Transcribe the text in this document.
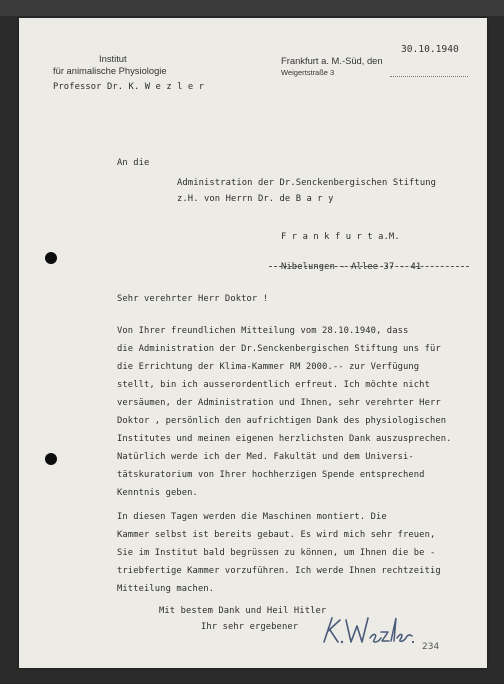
Institut
für animalische Physiologie
Professor Dr. K. W e z l e r
Frankfurt a. M.-Süd, den
Weigertstraße 3
30.10.1940
An die
Administration der Dr.Senckenbergischen Stiftung
z.H. von Herrn Dr. de B a r y
F r a n k f u r t a.M.
Nibelungen - Allee 37 - 41
Sehr verehrter Herr Doktor !
Von Ihrer freundlichen Mitteilung vom 28.10.1940, dass
die Administration der Dr.Senckenbergischen Stiftung uns für
die Errichtung der Klima-Kammer RM 2000.-- zur Verfügung
stellt, bin ich ausserordentlich erfreut. Ich möchte nicht
versäumen, der Administration und Ihnen, sehr verehrter Herr
Doktor , persönlich den aufrichtigen Dank des physiologischen
Institutes und meinen eigenen herzlichsten Dank auszusprechen.
Natürlich werde ich der Med. Fakultät und dem Universi-
tätskuratorium von Ihrer hochherzigen Spende entsprechend
Kenntnis geben.
In diesen Tagen werden die Maschinen montiert. Die
Kammer selbst ist bereits gebaut. Es wird mich sehr freuen,
Sie im Institut bald begrüssen zu können, um Ihnen die be -
triebfertige Kammer vorzuführen. Ich werde Ihnen rechtzeitig
Mitteilung machen.
Mit bestem Dank und Heil Hitler
Ihr sehr ergebener
234
